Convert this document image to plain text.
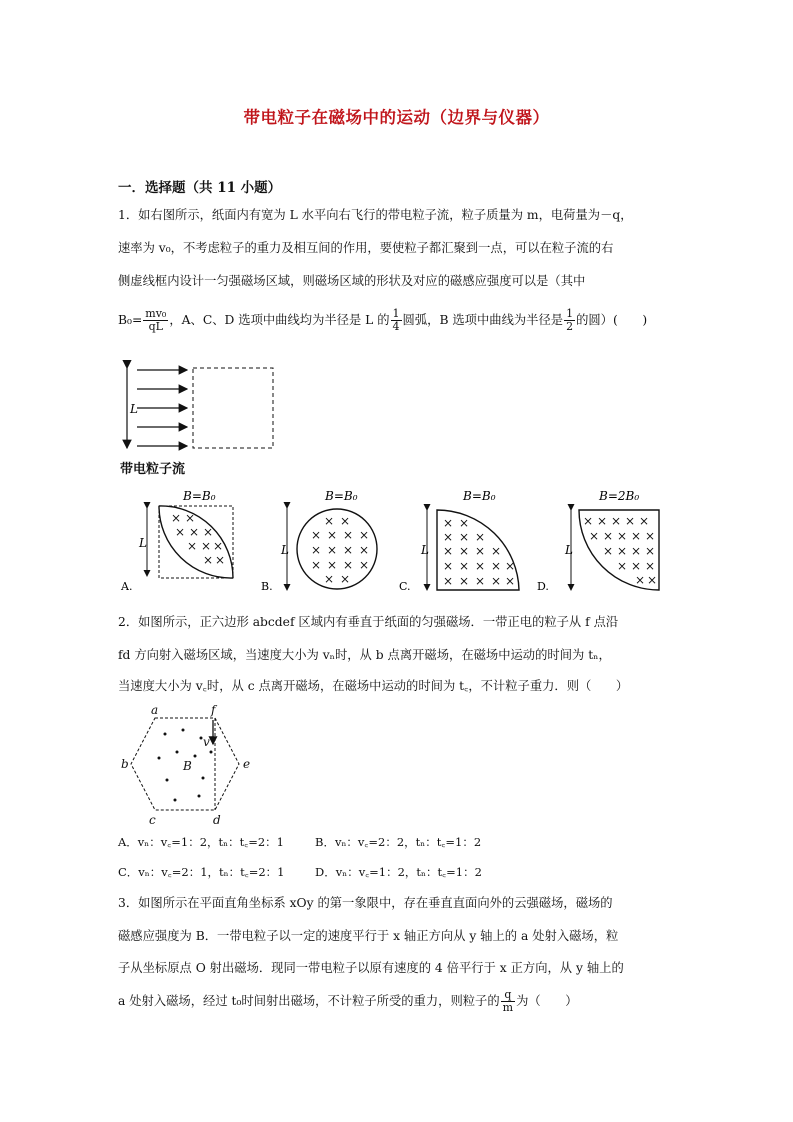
带电粒子在磁场中的运动（边界与仪器）
一．选择题（共 11 小题）
1．如右图所示，纸面内有宽为 L 水平向右飞行的带电粒子流，粒子质量为 m，电荷量为－q，
速率为 v₀，不考虑粒子的重力及相互间的作用，要使粒子都汇聚到一点，可以在粒子流的右
侧虚线框内设计一匀强磁场区域，则磁场区域的形状及对应的磁感应强度可以是（其中
$B_0= \frac{\text{mv₀}}{qL}$ ，A、C、D 选项中曲线均为半径是 L 的 $\frac{1}{4}$ 圆弧，B 选项中曲线为半径是 $\frac{1}{2}$ 的圆）(　　)
L
带电粒子流
B=B₀
L
× ×
× × ×
× × ×
× ×
A.
B=B₀
L
× ×
× × × ×
× × × ×
× × × ×
× ×
B.
B=B₀
L
× ×
× × ×
× × × ×
× × × × ×
× × × × ×
C.
B=2B₀
L
× × × × ×
× × × × ×
× × × ×
× × ×
× ×
D.
2．如图所示，正六边形 abcdef 区域内有垂直于纸面的匀强磁场．一带正电的粒子从 f 点沿
fd 方向射入磁场区域，当速度大小为 vₙ时，从 b 点离开磁场，在磁场中运动的时间为 tₙ，
当速度大小为 v꜀时，从 c 点离开磁场，在磁场中运动的时间为 t꜀，不计粒子重力．则（　　）
a	f
b	e
c	d
B
v
A．vₙ：v꜀=1：2，tₙ：t꜀=2：1	B．vₙ：v꜀=2：2，tₙ：t꜀=1：2
C．vₙ：v꜀=2：1，tₙ：t꜀=2：1	D．vₙ：v꜀=1：2，tₙ：t꜀=1：2
3．如图所示在平面直角坐标系 xOy 的第一象限中，存在垂直直面向外的云强磁场，磁场的
磁感应强度为 B．一带电粒子以一定的速度平行于 x 轴正方向从 y 轴上的 a 处射入磁场，粒
子从坐标原点 O 射出磁场．现同一带电粒子以原有速度的 4 倍平行于 x 正方向，从 y 轴上的
a 处射入磁场，经过 t₀时间射出磁场，不计粒子所受的重力，则粒子的 $\frac{q}{m}$ 为（　　）
